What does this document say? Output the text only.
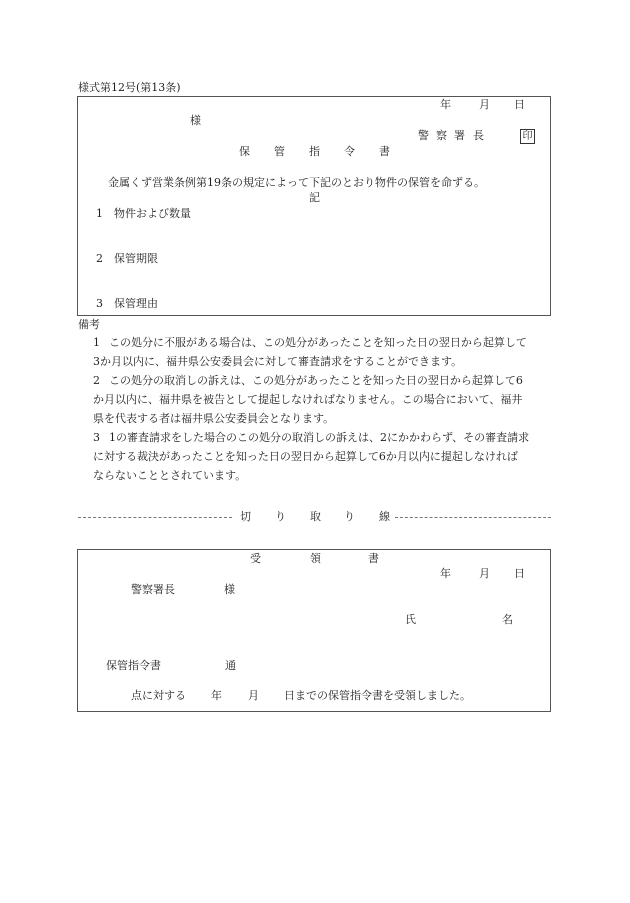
様式第12号(第13条)
年	月 日
様
警 察 署 長	印
保 管 指 令 書
金属くず営業条例第19条の規定によって下記のとおり物件の保管を命ずる。
記
1 物件および数量
2 保管期限
3 保管理由
備考
1 この処分に不服がある場合は、この処分があったことを知った日の翌日から起算して
3か月以内に、福井県公安委員会に対して審査請求をすることができます。
2 この処分の取消しの訴えは、この処分があったことを知った日の翌日から起算して6
か月以内に、福井県を被告として提起しなければなりません。この場合において、福井
県を代表する者は福井県公安委員会となります。
3 1の審査請求をした場合のこの処分の取消しの訴えは、2にかかわらず、その審査請求
に対する裁決があったことを知った日の翌日から起算して6か月以内に提起しなければ
ならないこととされています。
切 り 取 り 線
受	領	書
年	月 日
警察署長	様
氏	名
保管指令書	通
点に対する 年 月 日までの保管指令書を受領しました。
